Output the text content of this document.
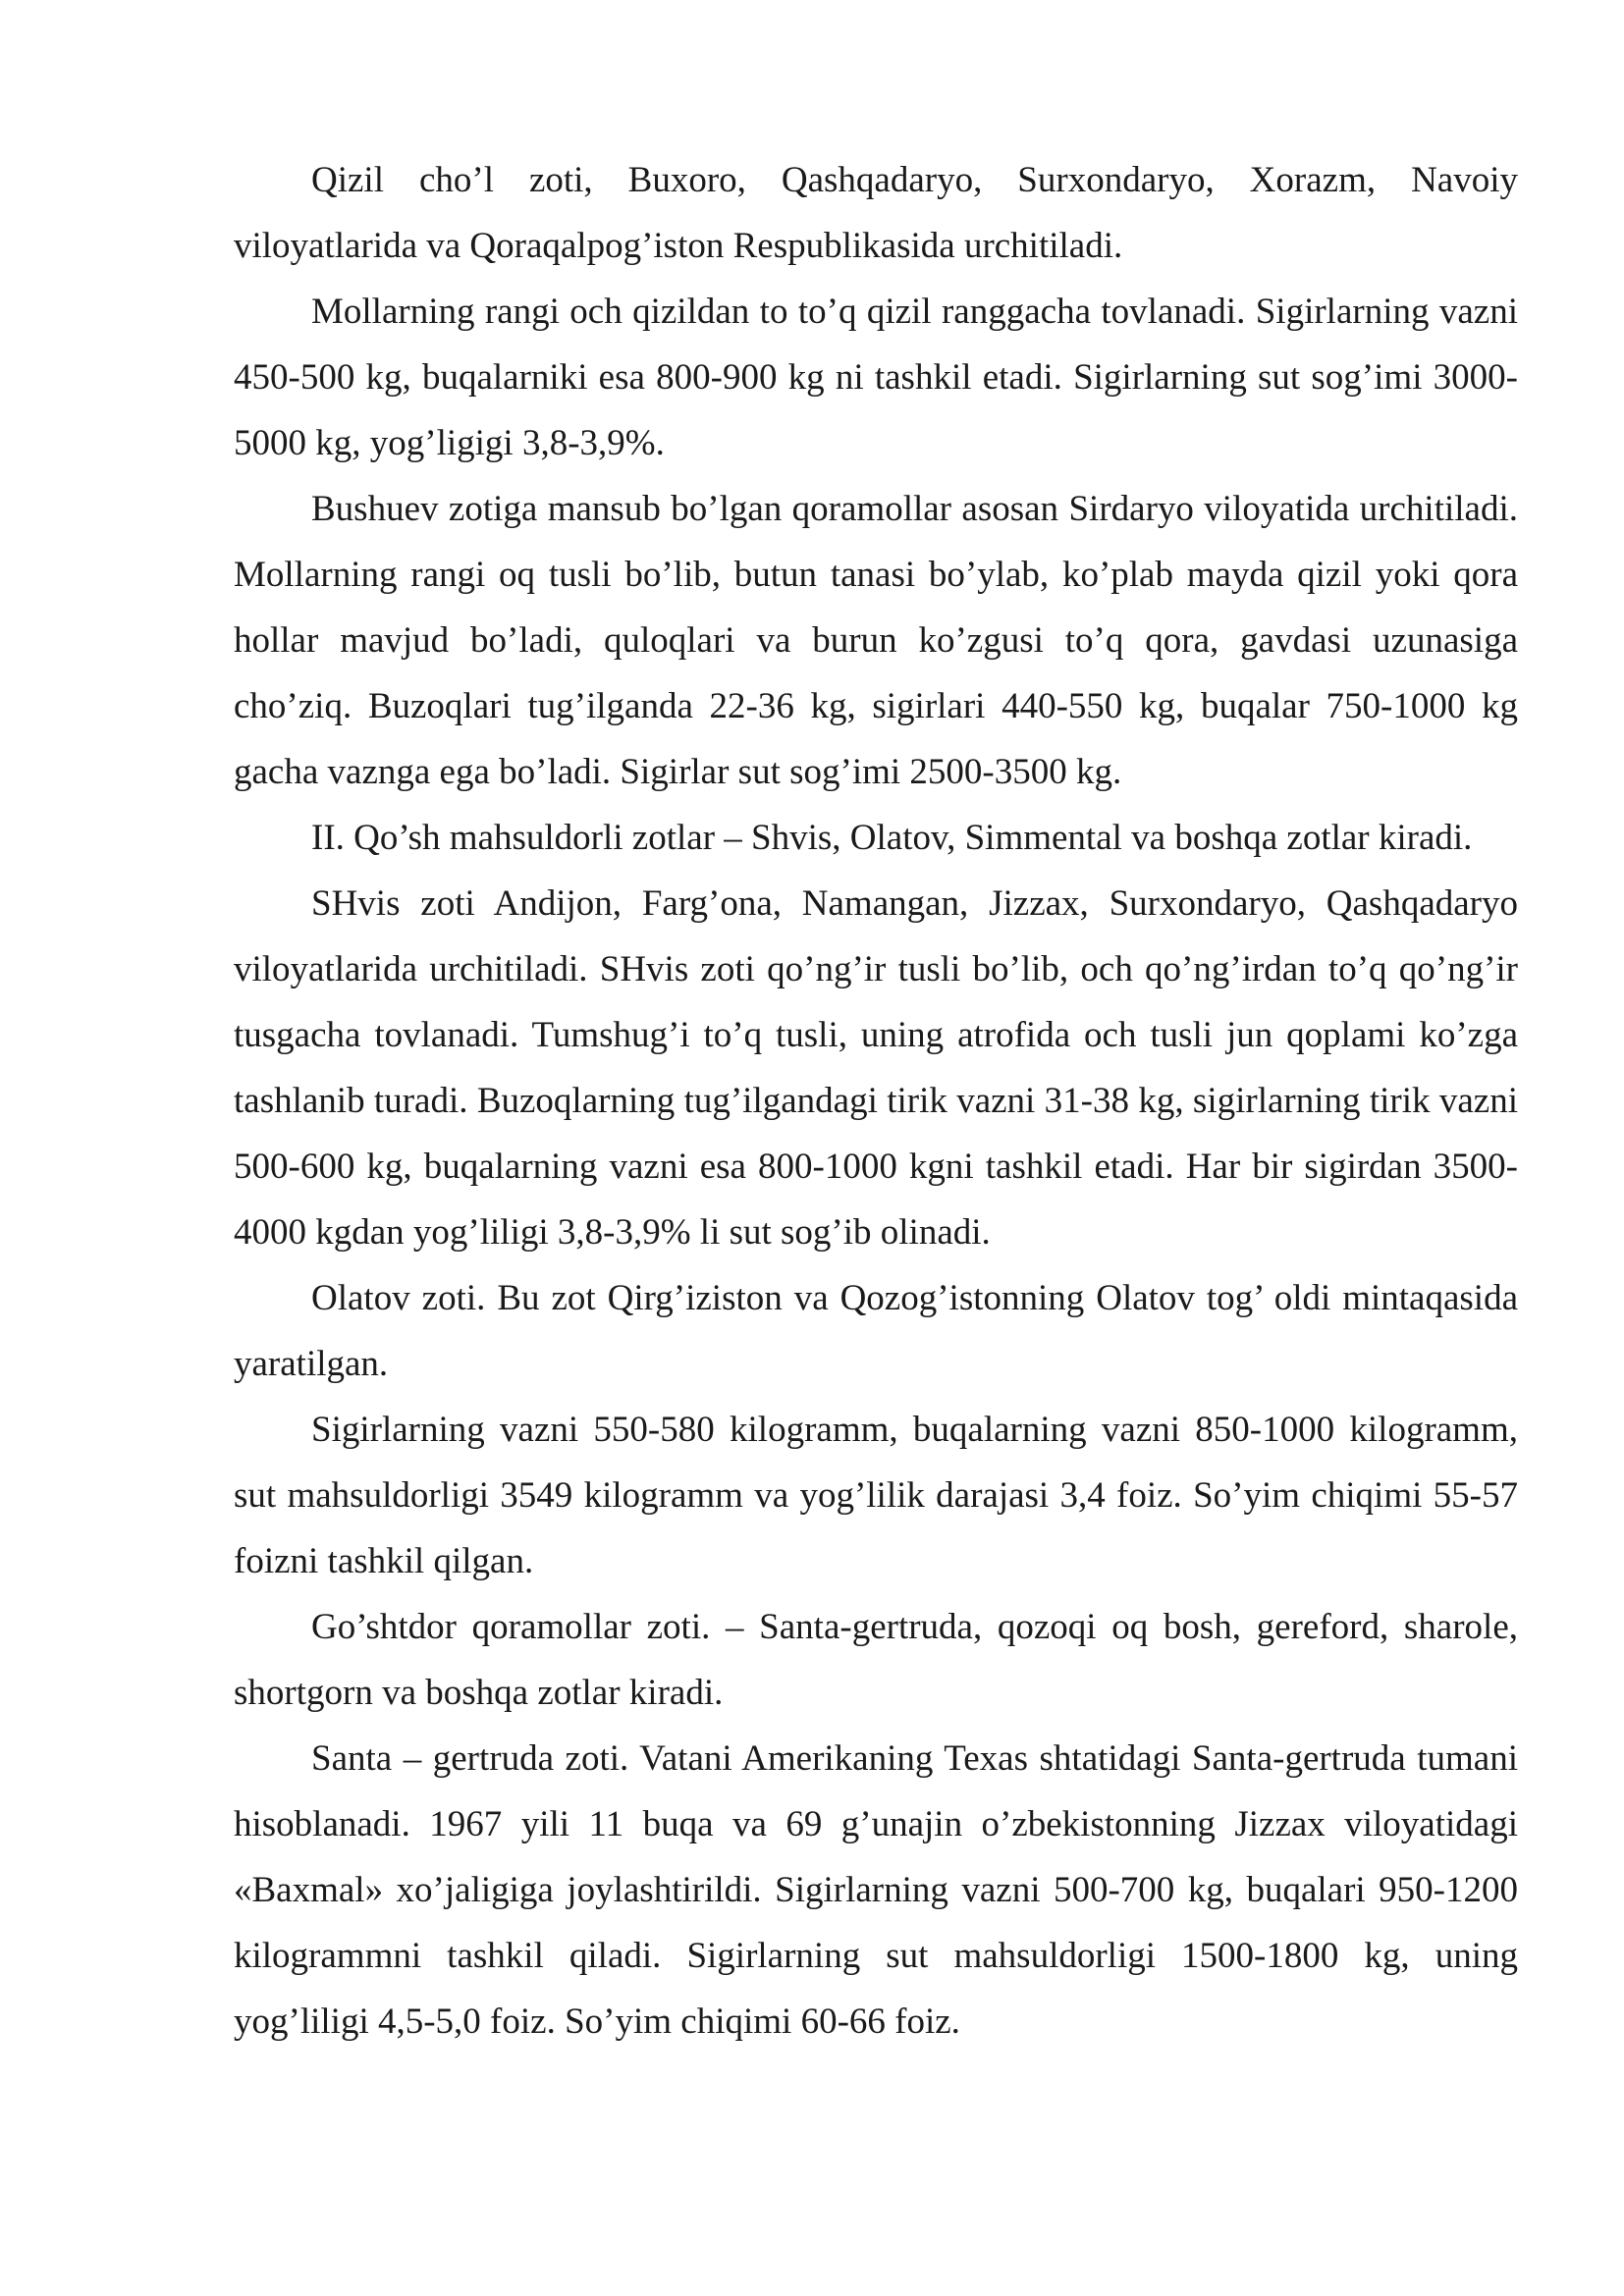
Qizil cho’l zoti, Buxoro, Qashqadaryo, Surxondaryo, Xorazm, Navoiy viloyatlarida va Qoraqalpog’iston Respublikasida urchitiladi.

Mollarning rangi och qizildan to to’q qizil ranggacha tovlanadi. Sigirlarning vazni 450-500 kg, buqalarniki esa 800-900 kg ni tashkil etadi. Sigirlarning sut sog’imi 3000-5000 kg, yog’ligigi 3,8-3,9%.

Bushuev zotiga mansub bo’lgan qoramollar asosan Sirdaryo viloyatida urchitiladi. Mollarning rangi oq tusli bo’lib, butun tanasi bo’ylab, ko’plab mayda qizil yoki qora hollar mavjud bo’ladi, quloqlari va burun ko’zgusi to’q qora, gavdasi uzunasiga cho’ziq. Buzoqlari tug’ilganda 22-36 kg, sigirlari 440-550 kg, buqalar 750-1000 kg gacha vaznga ega bo’ladi. Sigirlar sut sog’imi 2500-3500 kg.

II. Qo’sh mahsuldorli zotlar – Shvis, Olatov, Simmental va boshqa zotlar kiradi.

SHvis zoti Andijon, Farg’ona, Namangan, Jizzax, Surxondaryo, Qashqadaryo viloyatlarida urchitiladi. SHvis zoti qo’ng’ir tusli bo’lib, och qo’ng’irdan to’q qo’ng’ir tusgacha tovlanadi. Tumshug’i to’q tusli, uning atrofida och tusli jun qoplami ko’zga tashlanib turadi. Buzoqlarning tug’ilgandagi tirik vazni 31-38 kg, sigirlarning tirik vazni 500-600 kg, buqalarning vazni esa 800-1000 kgni tashkil etadi. Har bir sigirdan 3500-4000 kgdan yog’liligi 3,8-3,9% li sut sog’ib olinadi.

Olatov zoti. Bu zot Qirg’iziston va Qozog’istonning Olatov tog’ oldi mintaqasida yaratilgan.

Sigirlarning vazni 550-580 kilogramm, buqalarning vazni 850-1000 kilogramm, sut mahsuldorligi 3549 kilogramm va yog’lilik darajasi 3,4 foiz. So’yim chiqimi 55-57 foizni tashkil qilgan.

Go’shtdor qoramollar zoti. – Santa-gertruda, qozoqi oq bosh, gereford, sharole, shortgorn va boshqa zotlar kiradi.

Santa – gertruda zoti. Vatani Amerikaning Texas shtatidagi Santa-gertruda tumani hisoblanadi. 1967 yili 11 buqa va 69 g’unajin o’zbekistonning Jizzax viloyatidagi «Baxmal» xo’jaligiga joylashtirildi. Sigirlarning vazni 500-700 kg, buqalari 950-1200 kilogrammni tashkil qiladi. Sigirlarning sut mahsuldorligi 1500-1800 kg, uning yog’liligi 4,5-5,0 foiz. So’yim chiqimi 60-66 foiz.
